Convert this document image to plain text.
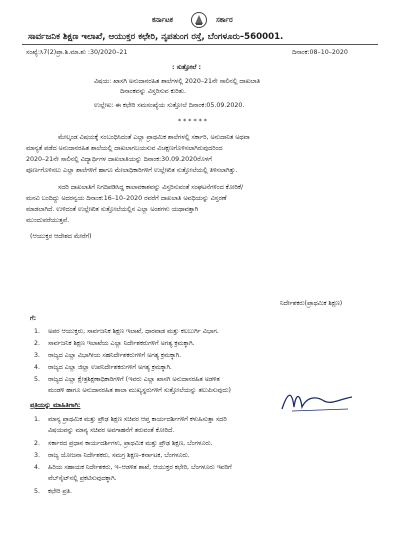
ಕರ್ನಾಟಕ	ಸರ್ಕಾರ
ಸಾರ್ವಜನಿಕ ಶಿಕ್ಷಣ ಇಲಾಖೆ, ಆಯುಕ್ತರ ಕಛೇರಿ, ನೃಪತುಂಗ ರಸ್ತೆ, ಬೆಂಗಳೂರು–560001.
ಸಂಖ್ಯೆ:ಸಿ7(2)ಪ್ರಾ.ಶಿ.ಮಾ.ಶು :30/2020–21	ದಿನಾಂಕ:08–10–2020
: ಸುತ್ತೋಲೆ :
ವಿಷಯ: ಖಾಸಗಿ ಅನುದಾನರಹಿತ ಶಾಲೆಗಳಲ್ಲಿ 2020–21ನೇ ಸಾಲಿನಲ್ಲಿ ದಾಖಲಾತಿ
ದಿನಾಂಕವನ್ನು ವಿಸ್ತರಿಸುವ ಕುರಿತು.
ಉಲ್ಲೇಖ: ಈ ಕಛೇರಿ ಸಮಸಂಖ್ಯೆಯ ಸುತ್ತೋಲೆ ದಿನಾಂಕ:05.09.2020.
* * * * * *
ಮೇಲ್ಕಂಡ ವಿಷಯಕ್ಕೆ ಸಂಬಂಧಿಸಿದಂತೆ ಎಲ್ಲಾ ಪ್ರಾಥಮಿಕ ಶಾಲೆಗಳಲ್ಲಿ ಸರ್ಕಾರಿ, ಅನುದಾನಿತ ಅಥವಾ
ಮಾನ್ಯತೆ ಪಡೆದ ಅನುದಾನರಹಿತ ಶಾಲೆಯಲ್ಲಿ ದಾಖಲಾಗಬಯಸುವ ವಿಚಕ್ಷಣಗೊಳಿಸಲಾಗಿರುವುದರಿಂದ
2020–21ನೇ ಸಾಲಿನಲ್ಲಿ ವಿದ್ಯಾರ್ಥಿಗಳ ದಾಖಲಾತಿಯನ್ನು ದಿನಾಂಕ:30.09.2020ರೊಳಗೆ
ಪೂರ್ಣಗೊಳಿಸಲು ಎಲ್ಲಾ ಶಾಲೆಗಳಿಗೆ ಹಾಗೂ ಮೇಲಾಧಿಕಾರಿಗಳಿಗೆ ಉಲ್ಲೇಖಿತ ಸುತ್ತೋಲೆಯಲ್ಲಿ ತಿಳಿಸಲಾಗಿತ್ತು.
ಸದರಿ ದಾಖಲಾತಿಗೆ ನಿಗದಿಪಡಿಸಿದ್ದ ಕಾಲಾವಕಾಶವನ್ನು ವಿಸ್ತರಿಸುವಂತೆ ಸಂಘಟನೆಗಳಿಂದ ಕೋರಿಕೆ/
ಮನವಿ ಬಂದಿದ್ದು ಅದರನ್ವಯ ದಿನಾಂಕ:16–10–2020 ರವರೆಗೆ ದಾಖಲಾತಿ ಅವಧಿಯನ್ನು ವಿಸ್ತರಣೆ
ಮಾಡಲಾಗಿದೆ. ಉಳಿದಂತೆ ಉಲ್ಲೇಖಿತ ಸುತ್ತೋಲೆಯಲ್ಲಿನ ಎಲ್ಲಾ ಅಂಶಗಳು ಯಥಾವತ್ತಾಗಿ
ಮುಂದುವರೆಯುತ್ತವೆ.
(ಆಯುಕ್ತರ ಆದೇಶದ ಮೇರೆಗೆ)
ನಿರ್ದೇಶಕರು(ಪ್ರಾಥಮಿಕ ಶಿಕ್ಷಣ)
ಗೆ:
1. ಅಪರ ಆಯುಕ್ತರು, ಸಾರ್ವಜನಿಕ ಶಿಕ್ಷಣ ಇಲಾಖೆ, ಧಾರವಾಡ ಮತ್ತು ಕಲಬುರ್ಗಿ ವಿಭಾಗ.
2. ಸಾರ್ವಜನಿಕ ಶಿಕ್ಷಣ ಇಲಾಖೆಯ ಎಲ್ಲಾ ನಿರ್ದೇಶಕರುಗಳಿಗೆ ಅಗತ್ಯ ಕ್ರಮಕ್ಕಾಗಿ.
3. ರಾಜ್ಯದ ಎಲ್ಲಾ ವಿಭಾಗೀಯ ಸಹನಿರ್ದೇಶಕರುಗಳಿಗೆ ಅಗತ್ಯ ಕ್ರಮಕ್ಕಾಗಿ.
4. ರಾಜ್ಯದ ಎಲ್ಲಾ ಜಿಲ್ಲಾ ಉಪನಿರ್ದೇಶಕರುಗಳಿಗೆ ಅಗತ್ಯ ಕ್ರಮಕ್ಕಾಗಿ.
5. ರಾಜ್ಯದ ಎಲ್ಲಾ ಕ್ಷೇತ್ರಶಿಕ್ಷಣಾಧಿಕಾರಿಗಳಿಗೆ (ಇವರು ಎಲ್ಲಾ ಖಾಸಗಿ ಅನುದಾನರಹಿತ ಅಡಳಿತ
ಮಂಡಳಿ ಹಾಗೂ ಅನುದಾನರಹಿತ ಶಾಲಾ ಮುಖ್ಯಸ್ಥರುಗಳಿಗೆ ಸುತ್ತೋಲೆಯನ್ನು ತಲುಪಿಸುವುದು)
ಪ್ರತಿಯನ್ನು ಮಾಹಿತಿಗಾಗಿ:
1. ಮಾನ್ಯ ಪ್ರಾಥಮಿಕ ಮತ್ತು ಪ್ರೌಢ ಶಿಕ್ಷಣ ಸಚಿವರ ಆಪ್ತ ಕಾರ್ಯದರ್ಶಿಗಳಿಗೆ ಕಳುಹಿಸುತ್ತಾ ಸದರಿ
ವಿಷಯವನ್ನು ಮಾನ್ಯ ಸಚಿವರ ಅವಗಾಹನೆಗೆ ತರುವಂತೆ ಕೋರಿದೆ.
2. ಸರ್ಕಾರದ ಪ್ರಧಾನ ಕಾರ್ಯದರ್ಶಿಗಳು, ಪ್ರಾಥಮಿಕ ಮತ್ತು ಪ್ರೌಢ ಶಿಕ್ಷಣ, ಬೆಂಗಳೂರು.
3. ರಾಜ್ಯ ಯೋಜನಾ ನಿರ್ದೇಶಕರು, ಸಮಗ್ರ ಶಿಕ್ಷಣ–ಕರ್ನಾಟಕ, ಬೆಂಗಳೂರು.
4. ಹಿರಿಯ ಸಹಾಯಕ ನಿರ್ದೇಶಕರು, ಇ–ಆಡಳಿತ ಶಾಖೆ, ಆಯುಕ್ತರ ಕಛೇರಿ, ಬೆಂಗಳೂರು ಇವರಿಗೆ
ವೆಬ್‌ಸೈಟ್‌ನಲ್ಲಿ ಪ್ರಕಟಿಸುವುದಕ್ಕಾಗಿ.
5. ಕಛೇರಿ ಪ್ರತಿ.
